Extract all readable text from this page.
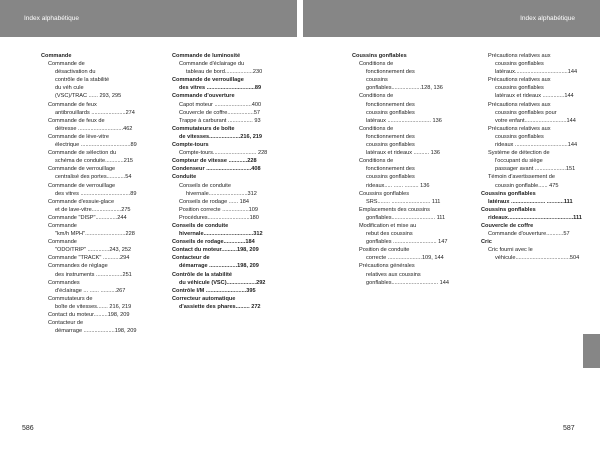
Index alphabétique	Index alphabétique
Commande
Commande de
désactivation du
contrôle de la stabilité
du véh cule
(VSC)/TRAC ...... 293, 295
Commande de feux
antibrouillards ......................274
Commande de feux de
détresse .............................462
Commande de lève-vitre
électrique ................................89
Commande de sélection du
schéma de conduite............215
Commande de verrouillage
centralisé des portes............54
Commande de verrouillage
des vitres ................................89
Commande d'essuie-glace
et de lave-vitre...................275
Commande "DISP"..............244
Commande
"km/h MPH"..........................228
Commande
"ODO/TRIP" ..............243, 252
Commande "TRACK" ...........294
Commandes de réglage
des instruments .................251
Commandes
d'éclairage ... ...... ..........267
Commutateurs de
boîte de vitesses....... 216, 219
Contact du moteur.........198, 209
Contacteur de
démarrage ....................198, 209
Commande de luminosité
Commande d'éclairage du
tableau de bord..................230
Commande de verrouillage
des vitres ...............................89
Commande d'ouverture
Capot moteur ........................400
Couvercle de coffre.................57
Trappe à carburant ................ 93
Commutateurs de boîte
de vitesses....................216, 219
Compte-tours
Compte-tours............................ 228
Compteur de vitesse ............228
Condenseur .............................408
Conduite
Conseils de conduite
hivernale.........................312
Conseils de rodage ...... 184
Position correcte .................109
Procédures...........................180
Conseils de conduite
hivernale................................312
Conseils de rodage..............184
Contact du moteur..........198, 209
Contacteur de
démarrage ..................198, 209
Contrôle de la stabilité
du véhicule (VSC)...................292
Contrôle I/M ..........................395
Correcteur automatique
d'assiette des phares......... 272
Coussins gonflables
Conditions de
fonctionnement des
coussins
gonflables...................128, 136
Conditions de
fonctionnement des
coussins gonflables
latéraux ............................ 136
Conditions de
fonctionnement des
coussins gonflables
latéraux et rideaux .......... 136
Conditions de
fonctionnement des
coussins gonflables
rideaux..... ...... ......... 136
Coussins gonflables
SRS........ ......................... 111
Emplacements des coussins
gonflables............................ 111
Modification et mise au
rebut des coussins
gonflables ............................ 147
Position de conduite
correcte ......................109, 144
Précautions générales
relatives aux coussins
gonflables.............................. 144
Précautions relatives aux
coussins gonflables
latéraux..................................144
Précautions relatives aux
coussins gonflables
latéraux et rideaux ..............144
Précautions relatives aux
coussins gonflables pour
votre enfant...........................144
Précautions relatives aux
coussins gonflables
rideaux ..................................144
Système de détection de
l'occupant du siège
passager avant ....................151
Témoin d'avertissement de
coussin gonflable...... 475
Coussins gonflables
latéraux ...................... ...........111
Coussins gonflables
rideaux..........................................111
Couvercle de coffre
Commande d'ouverture...........57
Cric
Cric fourni avec le
véhicule...................................504
586	587
